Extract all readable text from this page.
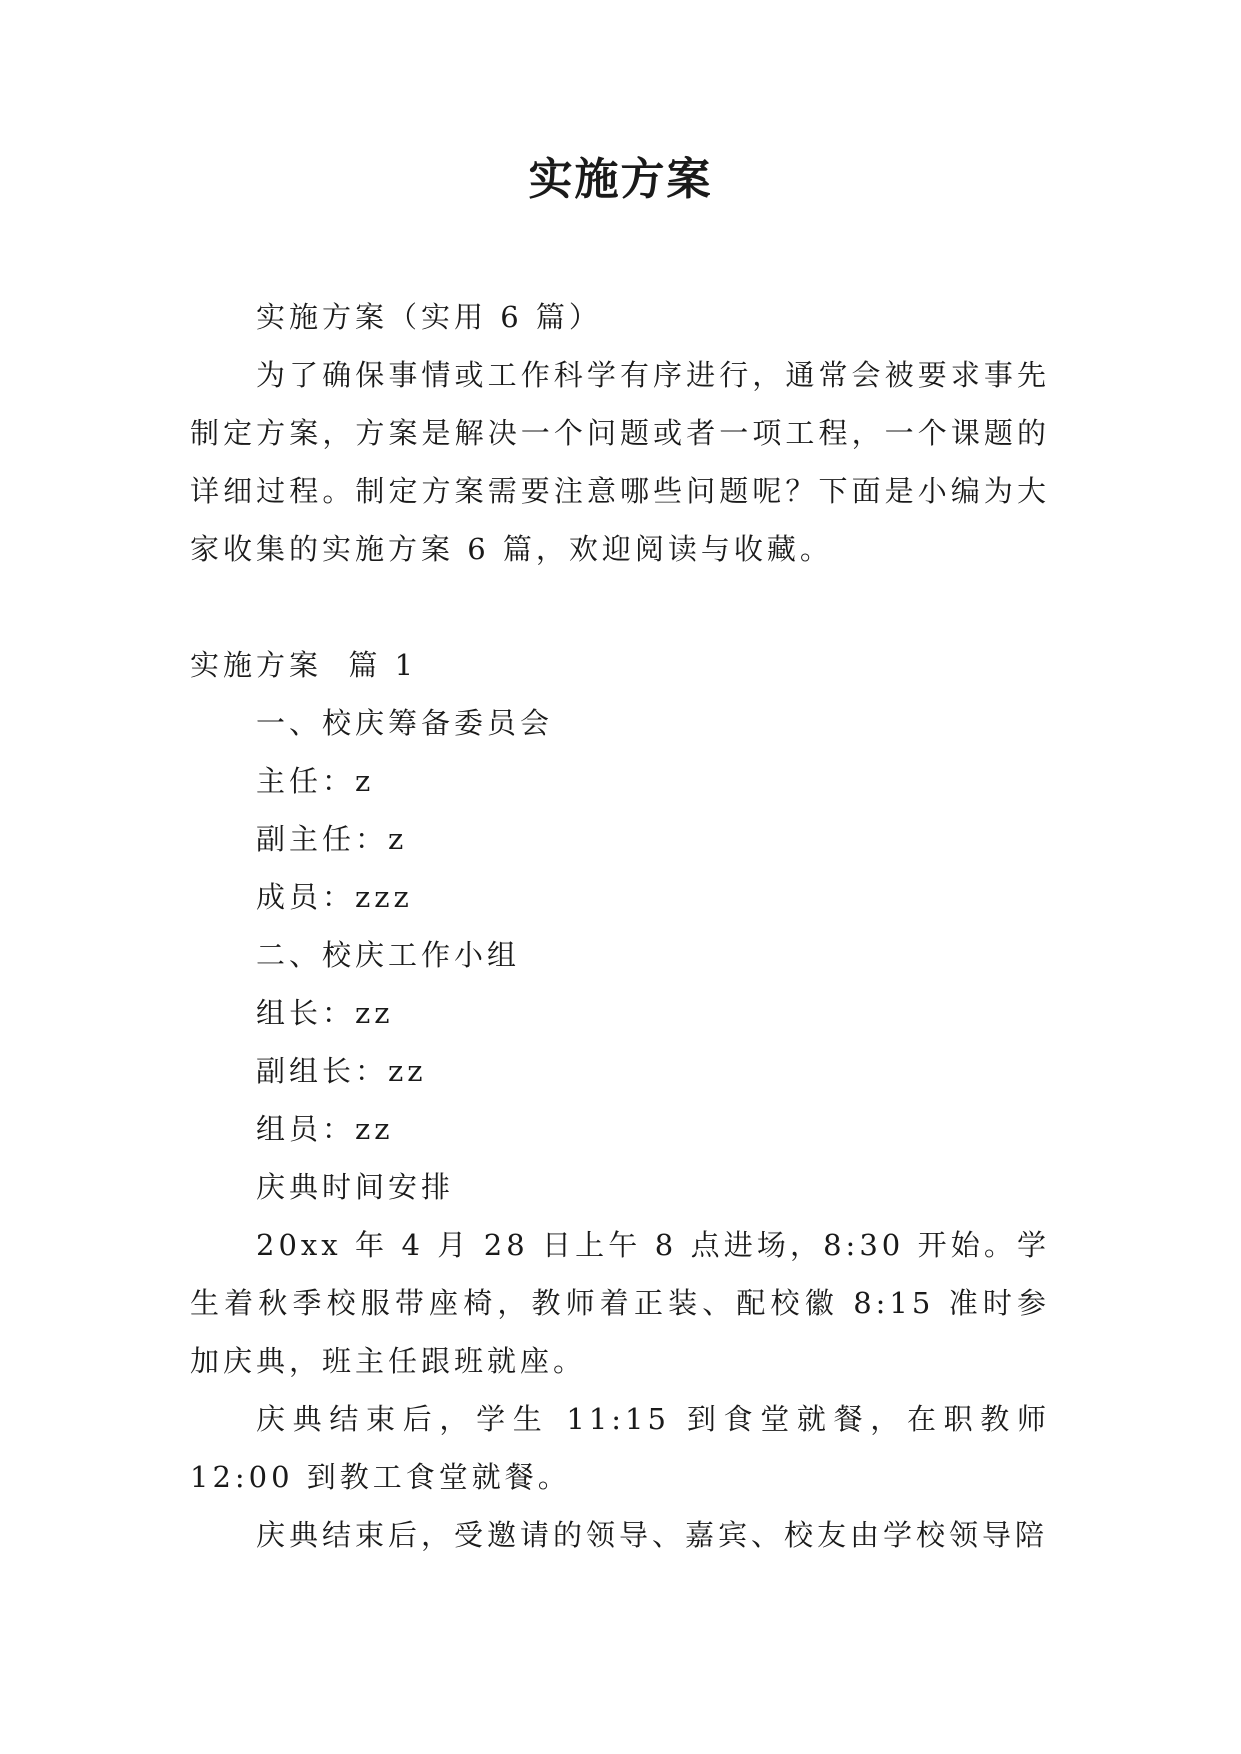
实施方案

实施方案（实用 6 篇）

为了确保事情或工作科学有序进行，通常会被要求事先制定方案，方案是解决一个问题或者一项工程，一个课题的详细过程。制定方案需要注意哪些问题呢？下面是小编为大家收集的实施方案 6 篇，欢迎阅读与收藏。

实施方案  篇 1

一、校庆筹备委员会

主任：z

副主任：z

成员：zzz

二、校庆工作小组

组长：zz

副组长：zz

组员：zz

庆典时间安排

20xx 年 4 月 28 日上午 8 点进场，8:30 开始。学生着秋季校服带座椅，教师着正装、配校徽 8:15 准时参加庆典，班主任跟班就座。

庆典结束后，学生 11:15 到食堂就餐，在职教师 12:00 到教工食堂就餐。

庆典结束后，受邀请的领导、嘉宾、校友由学校领导陪
